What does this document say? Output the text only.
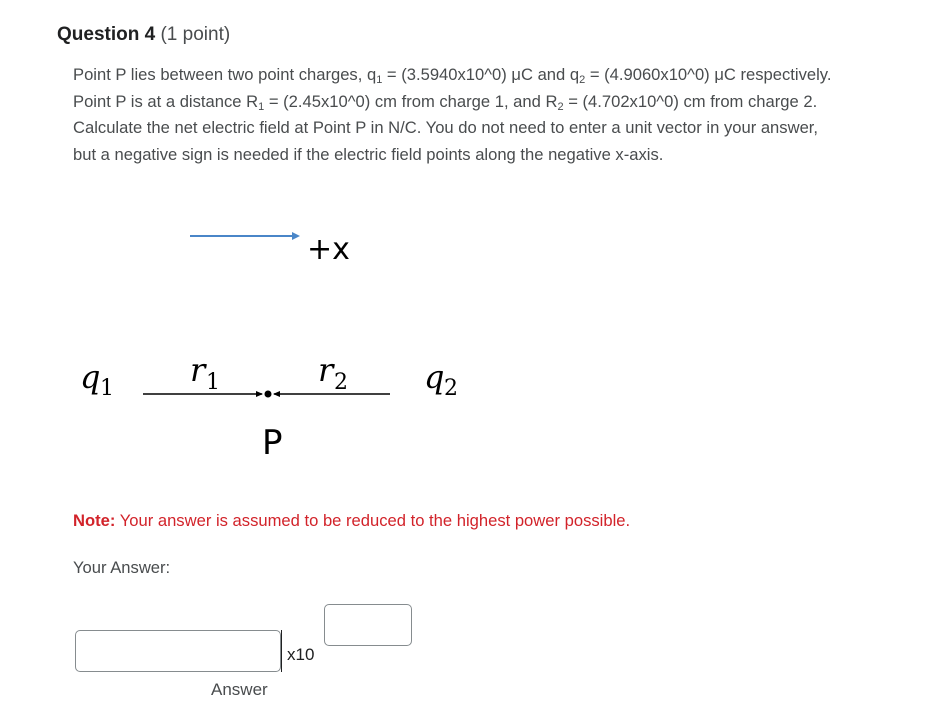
Question 4 (1 point)
Point P lies between two point charges, $q_1$ = (3.5940x10^0) μC and $q_2$ = (4.9060x10^0) μC respectively. Point P is at a distance $R_1$ = (2.45x10^0) cm from charge 1, and $R_2$ = (4.702x10^0) cm from charge 2. Calculate the net electric field at Point P in N/C. You do not need to enter a unit vector in your answer, but a negative sign is needed if the electric field points along the negative x-axis.
+x
q 1 r 1	r 2 q 2
P
Note: Your answer is assumed to be reduced to the highest power possible.
Your Answer:
x10
Answer
